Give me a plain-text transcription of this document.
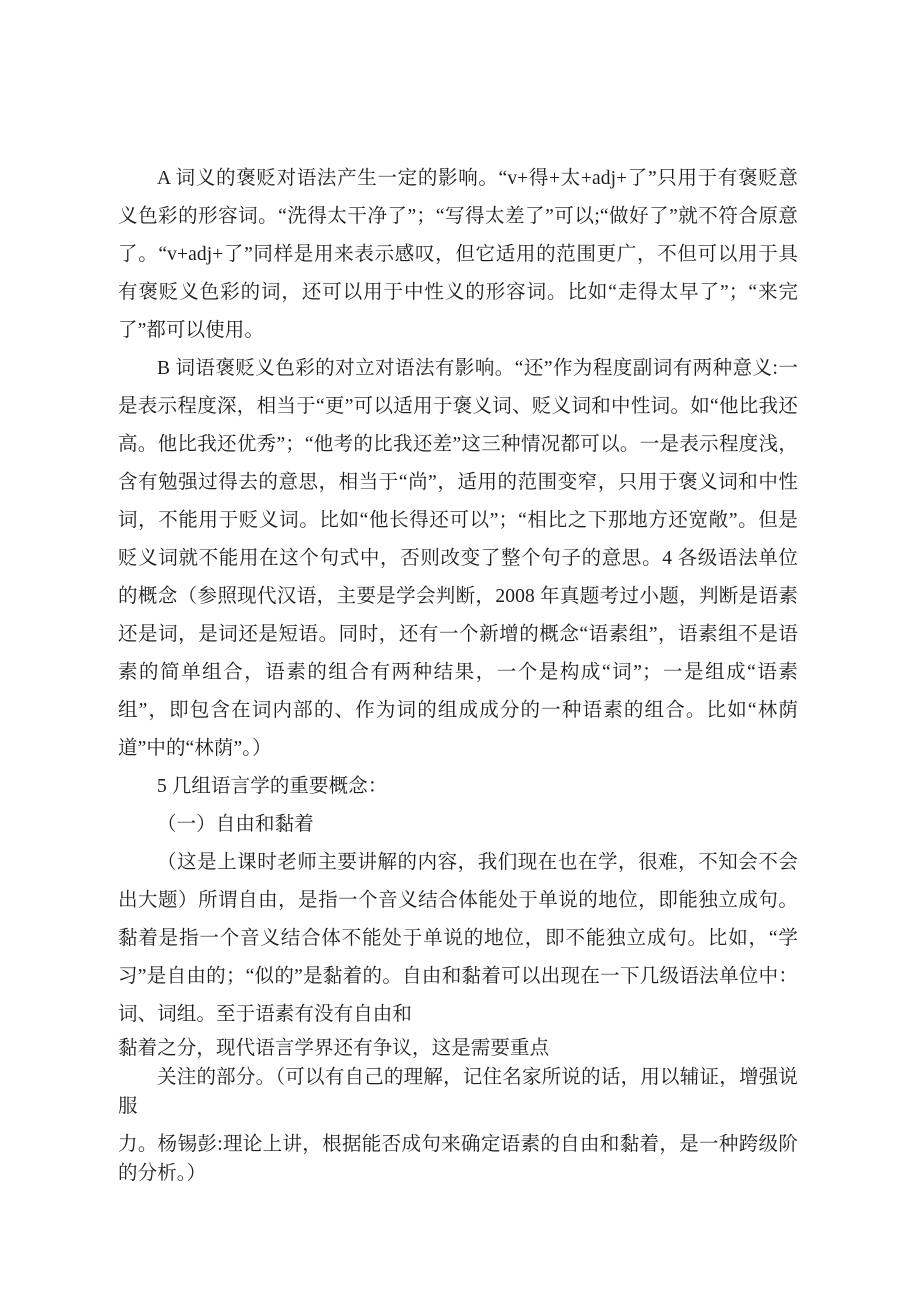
A 词义的褒贬对语法产生一定的影响。“v+得+太+adj+了”只用于有褒贬意义色彩的形容词。“洗得太干净了”；“写得太差了”可以;“做好了”就不符合原意了。“v+adj+了”同样是用来表示感叹，但它适用的范围更广，不但可以用于具有褒贬义色彩的词，还可以用于中性义的形容词。比如“走得太早了”；“来完了”都可以使用。

B 词语褒贬义色彩的对立对语法有影响。“还”作为程度副词有两种意义:一是表示程度深，相当于“更”可以适用于褒义词、贬义词和中性词。如“他比我还高。他比我还优秀”；“他考的比我还差”这三种情况都可以。一是表示程度浅，含有勉强过得去的意思，相当于“尚”，适用的范围变窄，只用于褒义词和中性词，不能用于贬义词。比如“他长得还可以”；“相比之下那地方还宽敞”。但是贬义词就不能用在这个句式中，否则改变了整个句子的意思。4 各级语法单位的概念（参照现代汉语，主要是学会判断，2008 年真题考过小题，判断是语素还是词，是词还是短语。同时，还有一个新增的概念“语素组”，语素组不是语素的简单组合，语素的组合有两种结果，一个是构成“词”；一是组成“语素组”，即包含在词内部的、作为词的组成成分的一种语素的组合。比如“林荫道”中的“林荫”。）

5 几组语言学的重要概念：

（一）自由和黏着

（这是上课时老师主要讲解的内容，我们现在也在学，很难，不知会不会出大题）所谓自由，是指一个音义结合体能处于单说的地位，即能独立成句。黏着是指一个音义结合体不能处于单说的地位，即不能独立成句。比如，“学习”是自由的；“似的”是黏着的。自由和黏着可以出现在一下几级语法单位中：词、词组。至于语素有没有自由和

黏着之分，现代语言学界还有争议，这是需要重点

关注的部分。（可以有自己的理解，记住名家所说的话，用以辅证，增强说服

力。杨锡彭:理论上讲，根据能否成句来确定语素的自由和黏着，是一种跨级阶的分析。）
